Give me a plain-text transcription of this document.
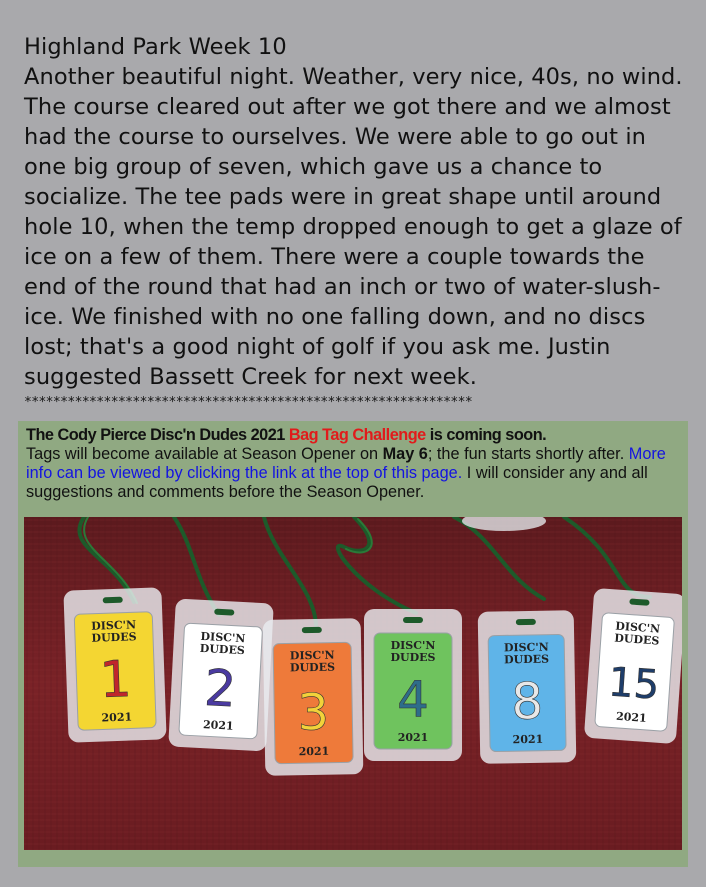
Highland Park Week 10

Another beautiful night. Weather, very nice, 40s, no wind. The course cleared out after we got there and we almost had the course to ourselves. We were able to go out in one big group of seven, which gave us a chance to socialize. The tee pads were in great shape until around hole 10, when the temp dropped enough to get a glaze of ice on a few of them. There were a couple towards the end of the round that had an inch or two of water-slush-ice. We finished with no one falling down, and no discs lost; that's a good night of golf if you ask me. Justin suggested Bassett Creek for next week.

**************************************************************

The Cody Pierce Disc'n Dudes 2021 Bag Tag Challenge is coming soon.
Tags will become available at Season Opener on May 6; the fun starts shortly after. More info can be viewed by clicking the link at the top of this page. I will consider any and all suggestions and comments before the Season Opener.

DISC'N
DUDES
1
2021
DISC'N
DUDES
2
2021
DISC'N
DUDES
3
2021
DISC'N
DUDES
4
2021
DISC'N
DUDES
8
2021
DISC'N
DUDES
15
2021
